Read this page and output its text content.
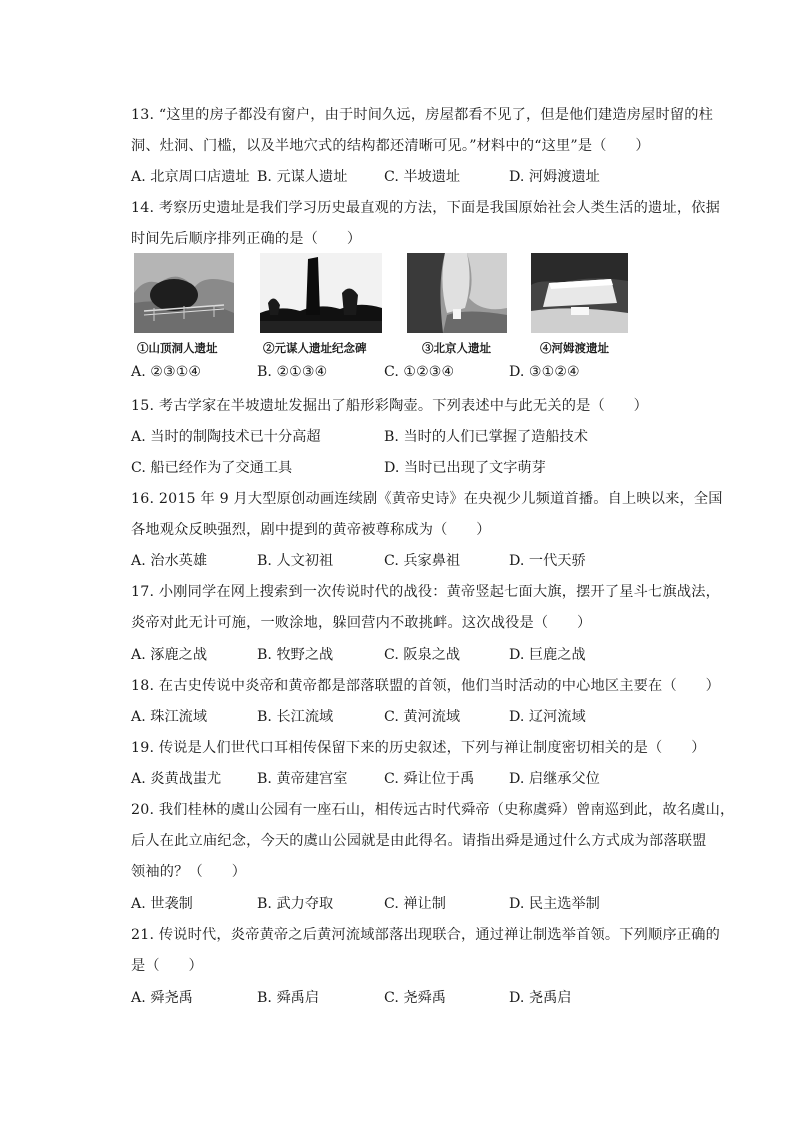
13. “这里的房子都没有窗户，由于时间久远，房屋都看不见了，但是他们建造房屋时留的柱
洞、灶洞、门槛，以及半地穴式的结构都还清晰可见。”材料中的“这里”是（　　）
A. 北京周口店遗址 B. 元谋人遗址	C. 半坡遗址	D. 河姆渡遗址
14. 考察历史遗址是我们学习历史最直观的方法，下面是我国原始社会人类生活的遗址，依据
时间先后顺序排列正确的是（　　）
①山顶洞人遗址	②元谋人遗址纪念碑	③北京人遗址	④河姆渡遗址
A. ②③①④	B. ②①③④	C. ①②③④	D. ③①②④
15. 考古学家在半坡遗址发掘出了船形彩陶壶。下列表述中与此无关的是（　　）
A. 当时的制陶技术已十分高超	B. 当时的人们已掌握了造船技术
C. 船已经作为了交通工具	D. 当时已出现了文字萌芽
16. 2015 年 9 月大型原创动画连续剧《黄帝史诗》在央视少儿频道首播。自上映以来，全国
各地观众反映强烈，剧中提到的黄帝被尊称成为（　　）
A. 治水英雄	B. 人文初祖	C. 兵家鼻祖	D. 一代天骄
17. 小刚同学在网上搜索到一次传说时代的战役：黄帝竖起七面大旗，摆开了星斗七旗战法，
炎帝对此无计可施，一败涂地，躲回营内不敢挑衅。这次战役是（　　）
A. 涿鹿之战	B. 牧野之战	C. 阪泉之战	D. 巨鹿之战
18. 在古史传说中炎帝和黄帝都是部落联盟的首领，他们当时活动的中心地区主要在（　　）
A. 珠江流域	B. 长江流域	C. 黄河流域	D. 辽河流域
19. 传说是人们世代口耳相传保留下来的历史叙述，下列与禅让制度密切相关的是（　　）
A. 炎黄战蚩尤	B. 黄帝建宫室	C. 舜让位于禹 D. 启继承父位
20. 我们桂林的虞山公园有一座石山，相传远古时代舜帝（史称虞舜）曾南巡到此，故名虞山，
后人在此立庙纪念，今天的虞山公园就是由此得名。请指出舜是通过什么方式成为部落联盟
领袖的？（　　）
A. 世袭制	B. 武力夺取	C. 禅让制	D. 民主选举制
21. 传说时代，炎帝黄帝之后黄河流域部落出现联合，通过禅让制选举首领。下列顺序正确的
是（　　）
A. 舜尧禹	B. 舜禹启	C. 尧舜禹	D. 尧禹启
